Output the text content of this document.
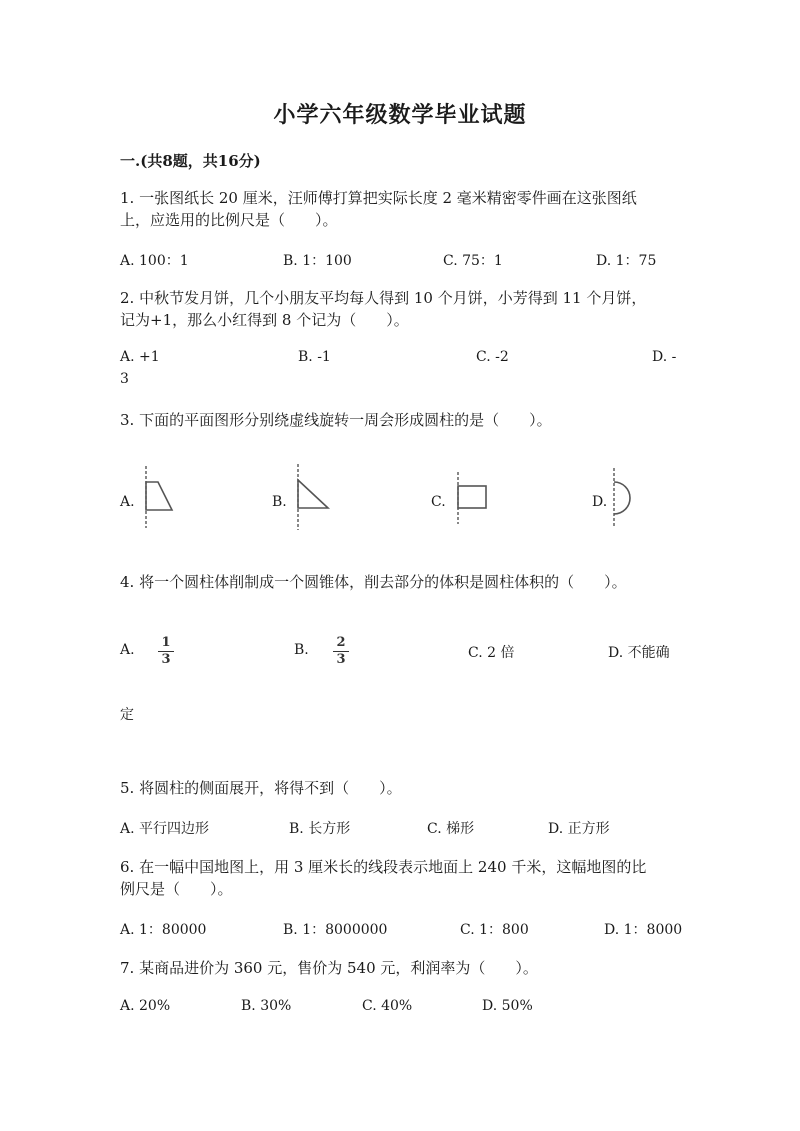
小学六年级数学毕业试题
一.(共8题，共16分)
1. 一张图纸长 20 厘米，汪师傅打算把实际长度 2 毫米精密零件画在这张图纸
上，应选用的比例尺是（　　）。
A. 100：1	B. 1：100	C. 75：1	D. 1：75
2. 中秋节发月饼，几个小朋友平均每人得到 10 个月饼，小芳得到 11 个月饼，
记为+1，那么小红得到 8 个记为（　　）。
A. +1	B. -1	C. -2	D. -
3
3. 下面的平面图形分别绕虚线旋转一周会形成圆柱的是（　　）。
A.	B.	C.	D.
4. 将一个圆柱体削制成一个圆锥体，削去部分的体积是圆柱体积的（　　）。
A. 1
3
B. 2
3	C. 2 倍	D. 不能确
定
5. 将圆柱的侧面展开，将得不到（　　）。
A. 平行四边形	B. 长方形	C. 梯形	D. 正方形
6. 在一幅中国地图上，用 3 厘米长的线段表示地面上 240 千米，这幅地图的比
例尺是（　　）。
A. 1：80000	B. 1：8000000	C. 1：800	D. 1：8000
7. 某商品进价为 360 元，售价为 540 元，利润率为（　　）。
A. 20%	B. 30%	C. 40%	D. 50%
